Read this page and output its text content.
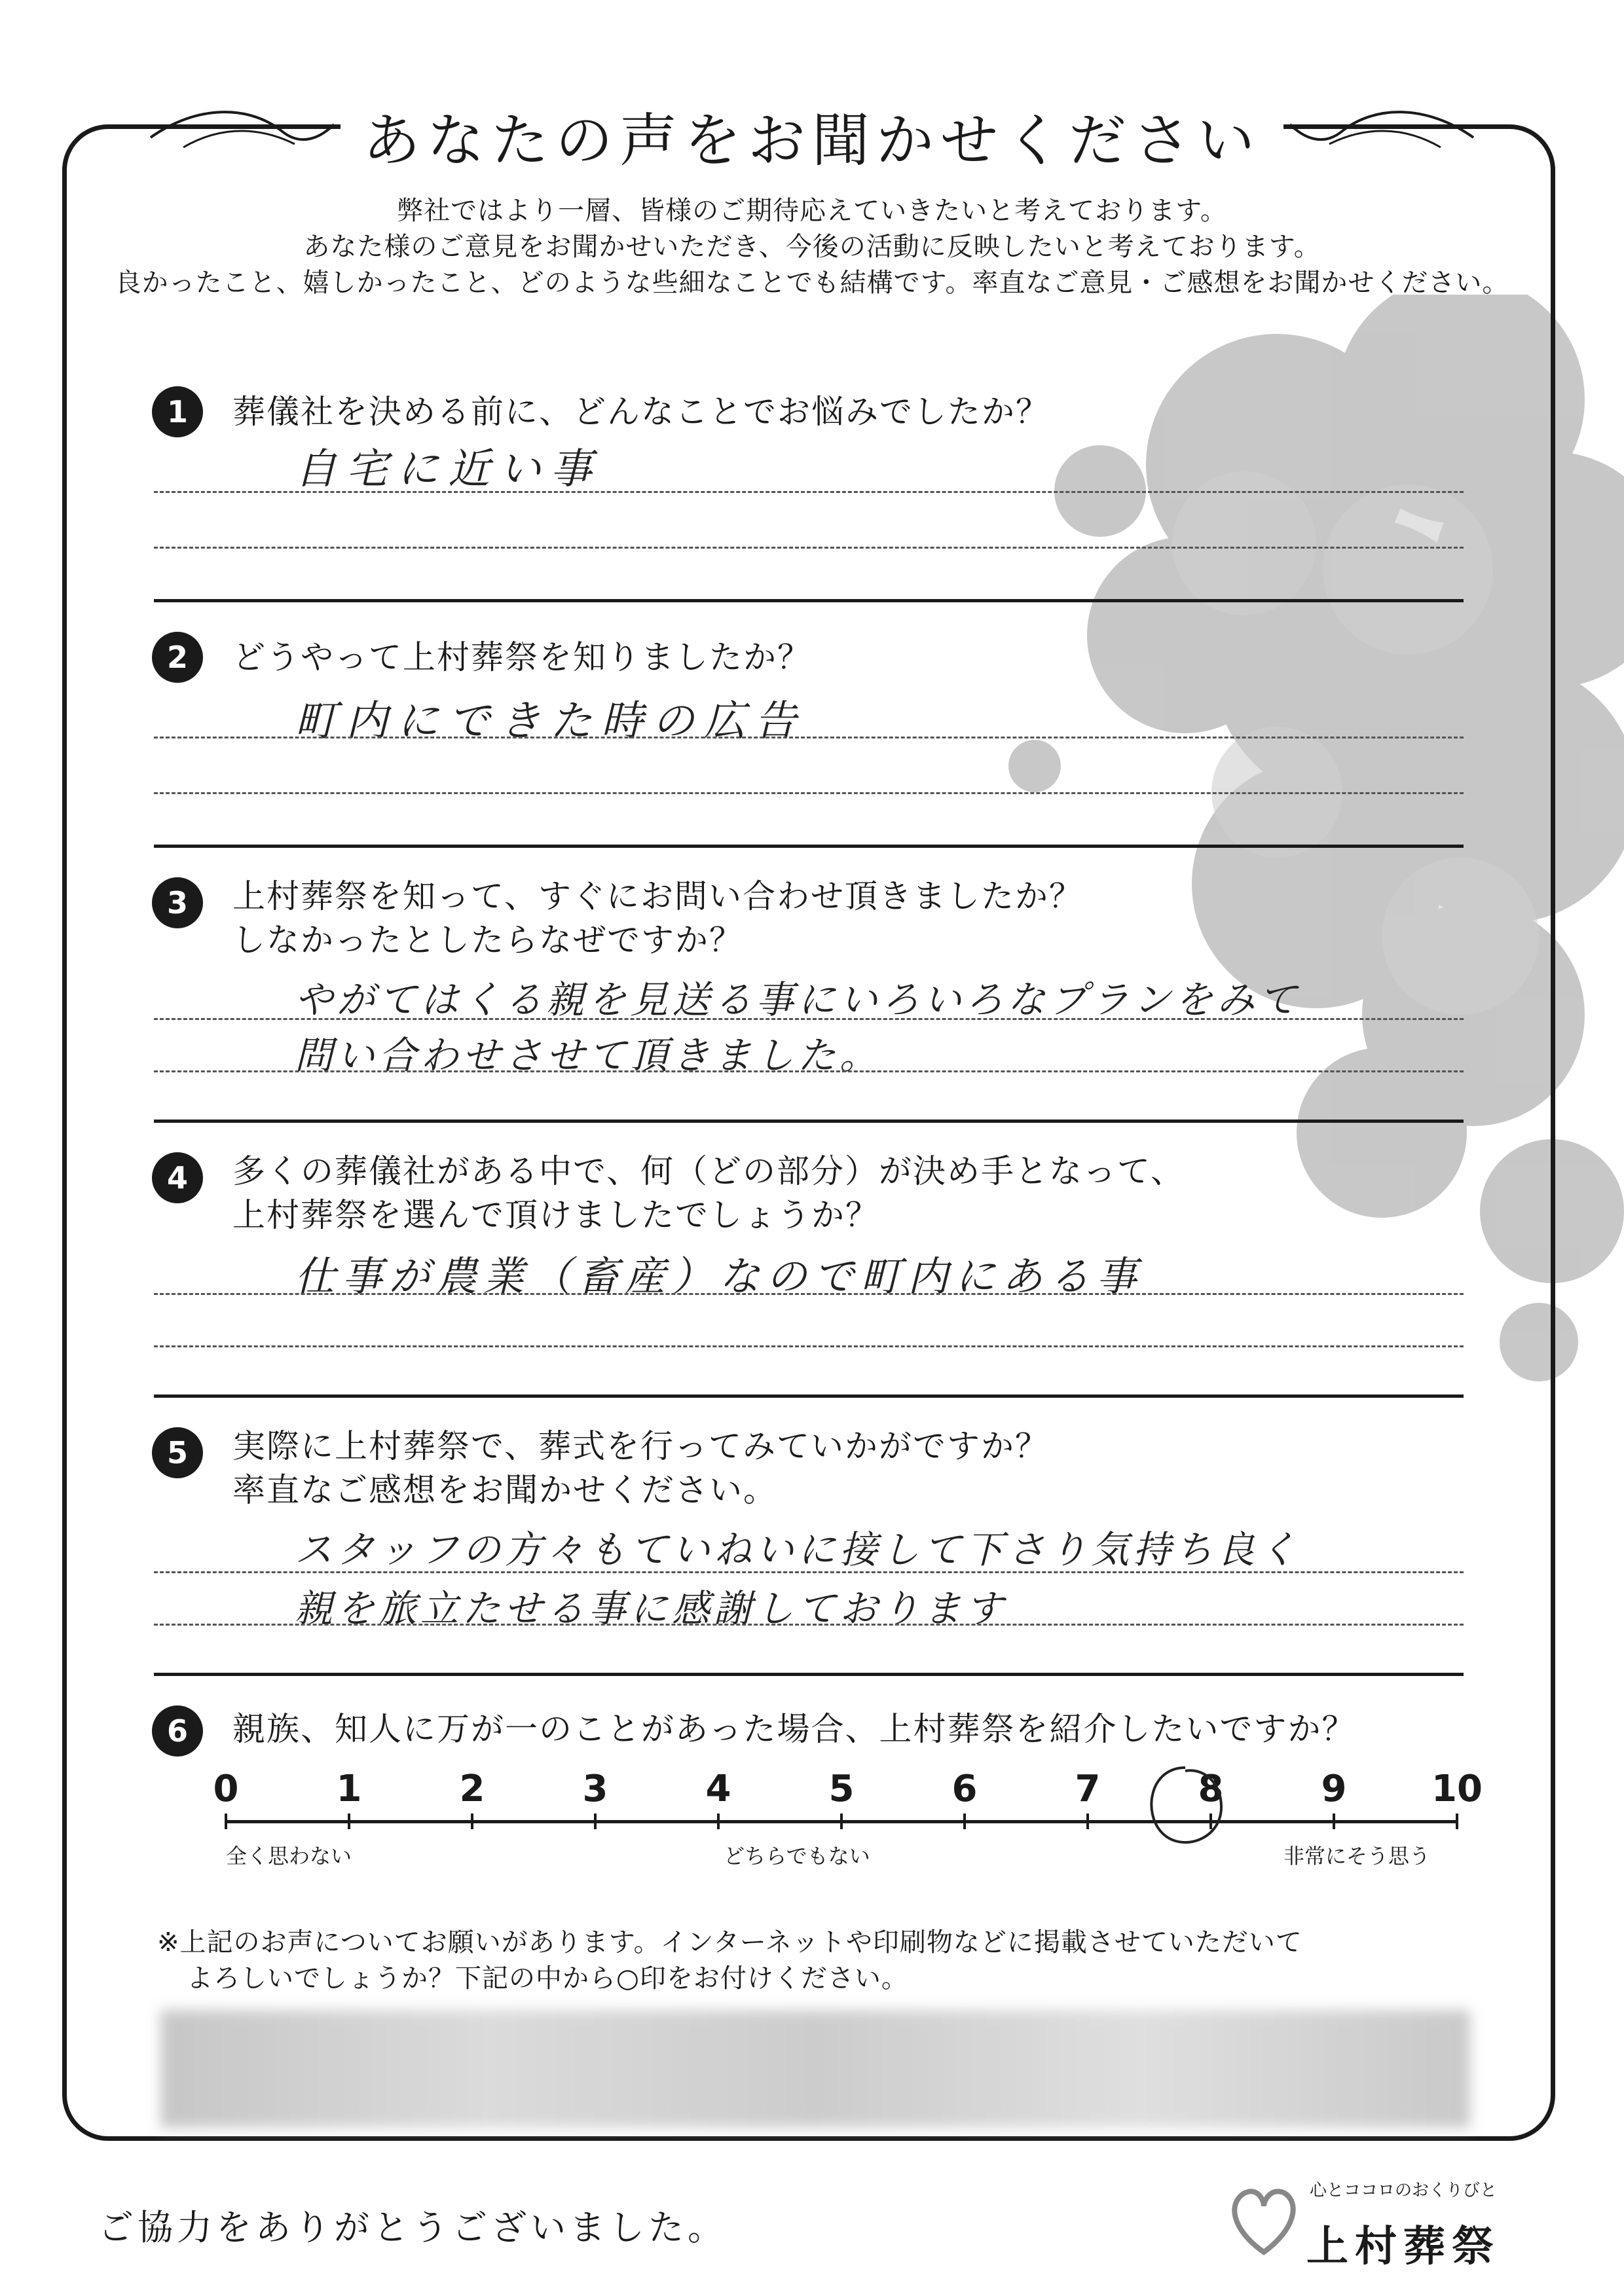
あなたの声をお聞かせください
弊社ではより一層、皆様のご期待応えていきたいと考えております。
あなた様のご意見をお聞かせいただき、今後の活動に反映したいと考えております。
良かったこと、嬉しかったこと、どのような些細なことでも結構です。率直なご意見・ご感想をお聞かせください。
1	葬儀社を決める前に、どんなことでお悩みでしたか？
自宅に近い事
2	どうやって上村葬祭を知りましたか？
町内にできた時の広告
3	上村葬祭を知って、すぐにお問い合わせ頂きましたか？
しなかったとしたらなぜですか？
やがてはくる親を見送る事にいろいろなプランをみて
問い合わせさせて頂きました。
4	多くの葬儀社がある中で、何（どの部分）が決め手となって、
上村葬祭を選んで頂けましたでしょうか？
仕事が農業（畜産）なので町内にある事
5	実際に上村葬祭で、葬式を行ってみていかがですか？
率直なご感想をお聞かせください。
スタッフの方々もていねいに接して下さり気持ち良く
親を旅立たせる事に感謝しております
6	親族、知人に万が一のことがあった場合、上村葬祭を紹介したいですか？
0	1	2	3	4	5	6	7	8	9	10
全く思わない	どちらでもない	非常にそう思う
※上記のお声についてお願いがあります。インターネットや印刷物などに掲載させていただいて
よろしいでしょうか？下記の中から○印をお付けください。
ご協力をありがとうございました。
心とココロのおくりびと
上村葬祭
